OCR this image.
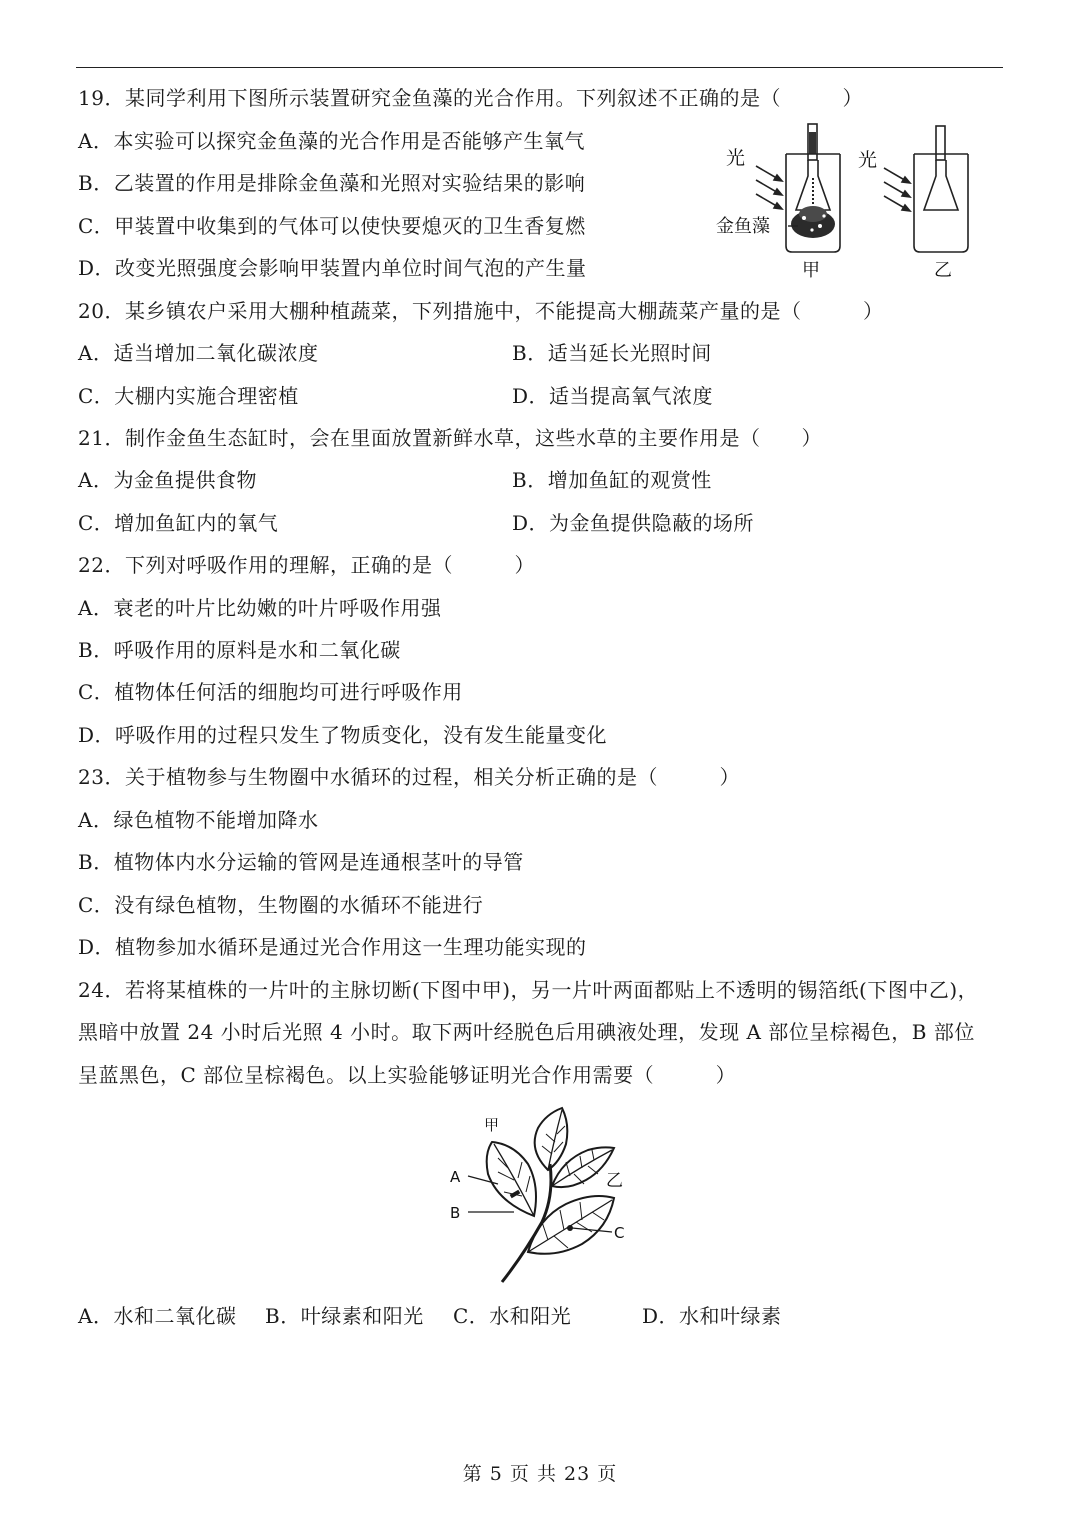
19．某同学利用下图所示装置研究金鱼藻的光合作用。下列叙述不正确的是（　　　）
A．本实验可以探究金鱼藻的光合作用是否能够产生氧气
B．乙装置的作用是排除金鱼藻和光照对实验结果的影响
C．甲装置中收集到的气体可以使快要熄灭的卫生香复燃
D．改变光照强度会影响甲装置内单位时间气泡的产生量
光
金鱼藻
甲
光
乙
20．某乡镇农户采用大棚种植蔬菜，下列措施中，不能提高大棚蔬菜产量的是（　　　）
A．适当增加二氧化碳浓度	B．适当延长光照时间
C．大棚内实施合理密植	D．适当提高氧气浓度
21．制作金鱼生态缸时，会在里面放置新鲜水草，这些水草的主要作用是（　　）
A．为金鱼提供食物	B．增加鱼缸的观赏性
C．增加鱼缸内的氧气	D．为金鱼提供隐蔽的场所
22．下列对呼吸作用的理解，正确的是（　　　）
A．衰老的叶片比幼嫩的叶片呼吸作用强
B．呼吸作用的原料是水和二氧化碳
C．植物体任何活的细胞均可进行呼吸作用
D．呼吸作用的过程只发生了物质变化，没有发生能量变化
23．关于植物参与生物圈中水循环的过程，相关分析正确的是（　　　）
A．绿色植物不能增加降水
B．植物体内水分运输的管网是连通根茎叶的导管
C．没有绿色植物，生物圈的水循环不能进行
D．植物参加水循环是通过光合作用这一生理功能实现的
24．若将某植株的一片叶的主脉切断(下图中甲)，另一片叶两面都贴上不透明的锡箔纸(下图中乙)，
黑暗中放置 24 小时后光照 4 小时。取下两叶经脱色后用碘液处理，发现 A 部位呈棕褐色，B 部位
呈蓝黑色，C 部位呈棕褐色。以上实验能够证明光合作用需要（　　　）
甲
乙
A
B
C
A．水和二氧化碳 B．叶绿素和阳光 C．水和阳光	D．水和叶绿素
第 5 页 共 23 页
